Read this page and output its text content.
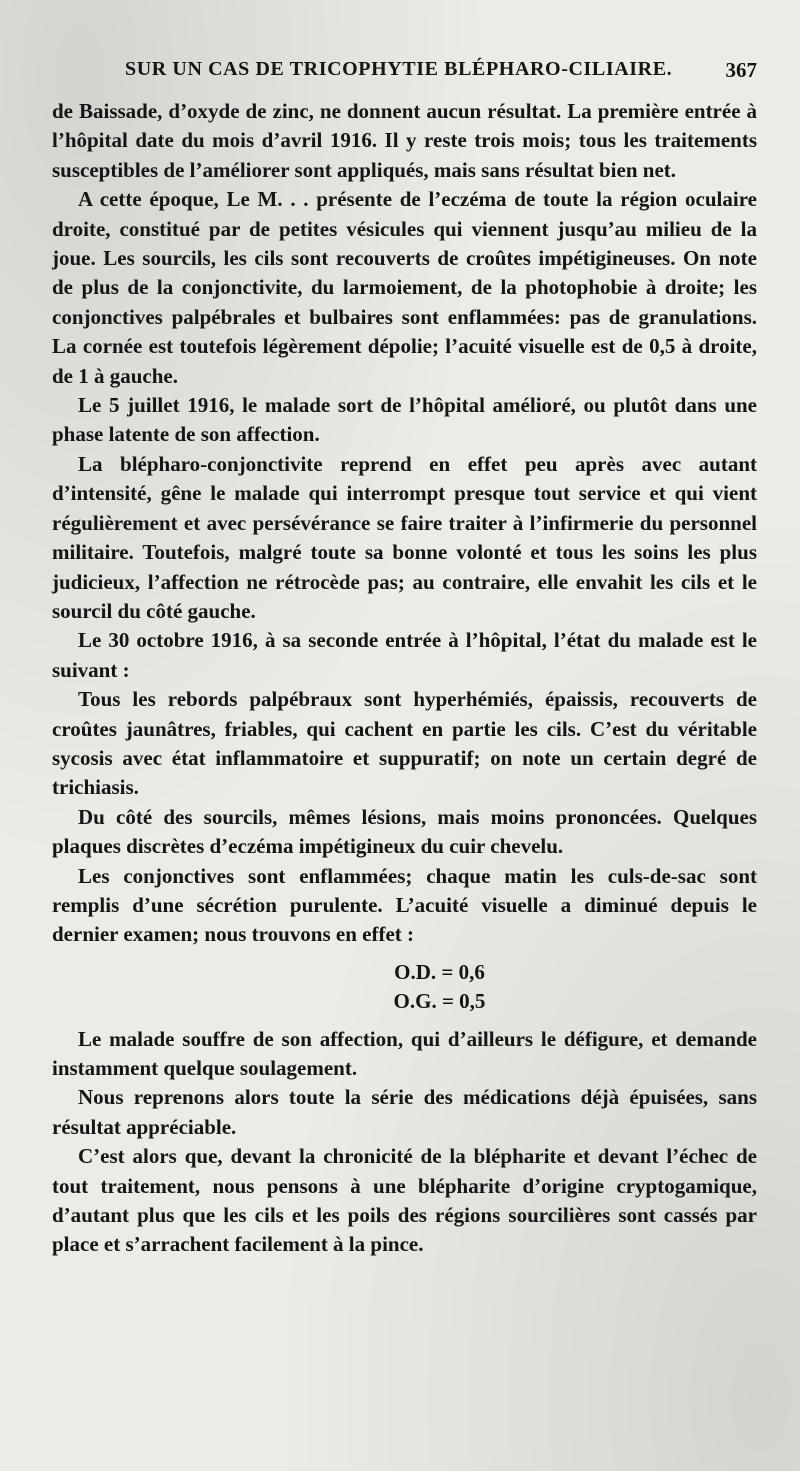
SUR UN CAS DE TRICOPHYTIE BLÉPHARO-CILIAIRE.	367

de Baissade, d’oxyde de zinc, ne donnent aucun résultat. La première entrée à l’hôpital date du mois d’avril 1916. Il y reste trois mois; tous les traitements susceptibles de l’améliorer sont appliqués, mais sans résultat bien net.

A cette époque, Le M. . . présente de l’eczéma de toute la région oculaire droite, constitué par de petites vésicules qui viennent jusqu’au milieu de la joue. Les sourcils, les cils sont recouverts de croûtes impétigineuses. On note de plus de la conjonctivite, du larmoiement, de la photophobie à droite; les conjonctives palpébrales et bulbaires sont enflammées: pas de granulations. La cornée est toutefois légèrement dépolie; l’acuité visuelle est de 0,5 à droite, de 1 à gauche.

Le 5 juillet 1916, le malade sort de l’hôpital amélioré, ou plutôt dans une phase latente de son affection.

La blépharo-conjonctivite reprend en effet peu après avec autant d’intensité, gêne le malade qui interrompt presque tout service et qui vient régulièrement et avec persévérance se faire traiter à l’infirmerie du personnel militaire. Toutefois, malgré toute sa bonne volonté et tous les soins les plus judicieux, l’affection ne rétrocède pas; au contraire, elle envahit les cils et le sourcil du côté gauche.

Le 30 octobre 1916, à sa seconde entrée à l’hôpital, l’état du malade est le suivant :

Tous les rebords palpébraux sont hyperhémiés, épaissis, recouverts de croûtes jaunâtres, friables, qui cachent en partie les cils. C’est du véritable sycosis avec état inflammatoire et suppuratif; on note un certain degré de trichiasis.

Du côté des sourcils, mêmes lésions, mais moins prononcées. Quelques plaques discrètes d’eczéma impétigineux du cuir chevelu.

Les conjonctives sont enflammées; chaque matin les culs-de-sac sont remplis d’une sécrétion purulente. L’acuité visuelle a diminué depuis le dernier examen; nous trouvons en effet :

O.D. = 0,6
O.G. = 0,5

Le malade souffre de son affection, qui d’ailleurs le défigure, et demande instamment quelque soulagement.

Nous reprenons alors toute la série des médications déjà épuisées, sans résultat appréciable.

C’est alors que, devant la chronicité de la blépharite et devant l’échec de tout traitement, nous pensons à une blépharite d’origine cryptogamique, d’autant plus que les cils et les poils des régions sourcilières sont cassés par place et s’arrachent facilement à la pince.
